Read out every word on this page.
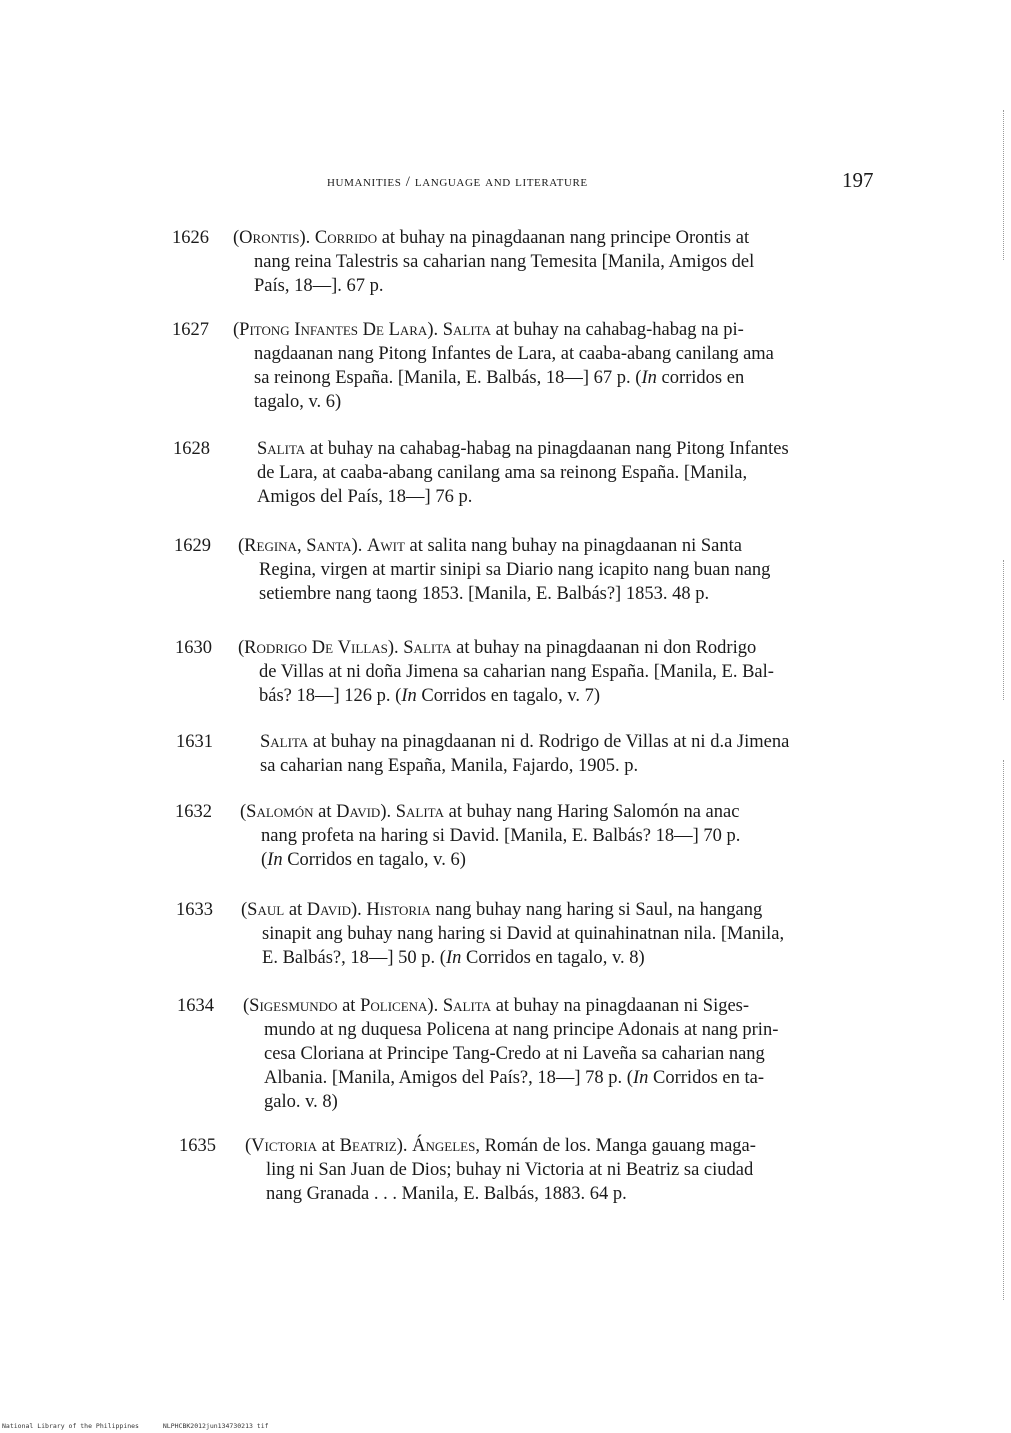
humanities / language and literature	197
1626 (Orontis). Corrido at buhay na pinagdaanan nang principe Orontis at
nang reina Talestris sa caharian nang Temesita [Manila, Amigos del
País, 18—]. 67 p.
1627 (Pitong Infantes De Lara). Salita at buhay na cahabag-habag na pi-
nagdaanan nang Pitong Infantes de Lara, at caaba-abang canilang ama
sa reinong España. [Manila, E. Balbás, 18—] 67 p. (In corridos en
tagalo, v. 6)
1628	Salita at buhay na cahabag-habag na pinagdaanan nang Pitong Infantes
de Lara, at caaba-abang canilang ama sa reinong España. [Manila,
Amigos del País, 18—] 76 p.
1629 (Regina, Santa). Awit at salita nang buhay na pinagdaanan ni Santa
Regina, virgen at martir sinipi sa Diario nang icapito nang buan nang
setiembre nang taong 1853. [Manila, E. Balbás?] 1853. 48 p.
1630 (Rodrigo De Villas). Salita at buhay na pinagdaanan ni don Rodrigo
de Villas at ni doña Jimena sa caharian nang España. [Manila, E. Bal-
bás? 18—] 126 p. (In Corridos en tagalo, v. 7)
1631	Salita at buhay na pinagdaanan ni d. Rodrigo de Villas at ni d.a Jimena
sa caharian nang España, Manila, Fajardo, 1905. p.
1632 (Salomón at David). Salita at buhay nang Haring Salomón na anac
nang profeta na haring si David. [Manila, E. Balbás? 18—] 70 p.
(In Corridos en tagalo, v. 6)
1633 (Saul at David). Historia nang buhay nang haring si Saul, na hangang
sinapit ang buhay nang haring si David at quinahinatnan nila. [Manila,
E. Balbás?, 18—] 50 p. (In Corridos en tagalo, v. 8)
1634 (Sigesmundo at Policena). Salita at buhay na pinagdaanan ni Siges-
mundo at ng duquesa Policena at nang principe Adonais at nang prin-
cesa Cloriana at Principe Tang-Credo at ni Laveña sa caharian nang
Albania. [Manila, Amigos del País?, 18—] 78 p. (In Corridos en ta-
galo. v. 8)
1635 (Victoria at Beatriz). Ángeles, Román de los. Manga gauang maga-
ling ni San Juan de Dios; buhay ni Victoria at ni Beatriz sa ciudad
nang Granada . . . Manila, E. Balbás, 1883. 64 p.
National Library of the Philippines	NLPHCBK2012jun134730213 tif
